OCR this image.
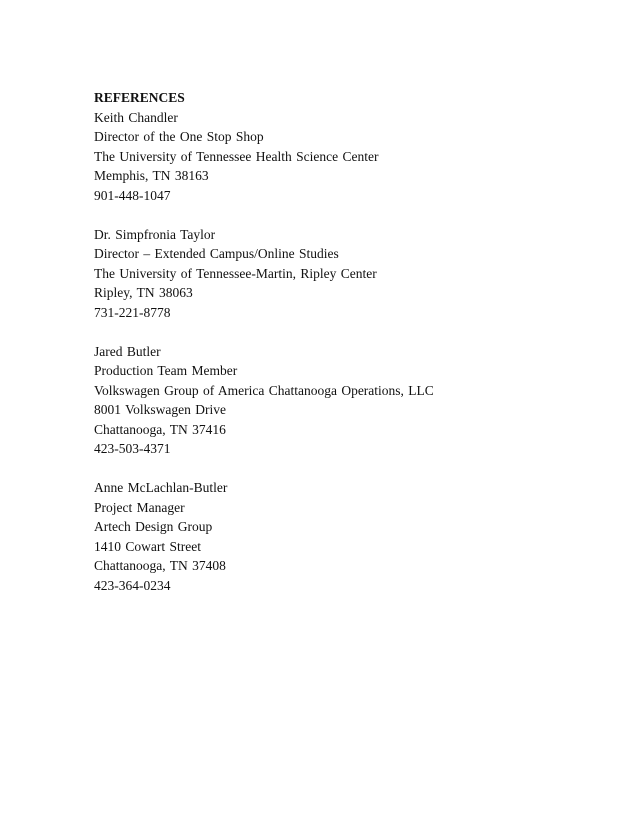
REFERENCES
Keith Chandler
Director of the One Stop Shop
The University of Tennessee Health Science Center
Memphis, TN 38163
901-448-1047
Dr. Simpfronia Taylor
Director – Extended Campus/Online Studies
The University of Tennessee-Martin, Ripley Center
Ripley, TN 38063
731-221-8778
Jared Butler
Production Team Member
Volkswagen Group of America Chattanooga Operations, LLC
8001 Volkswagen Drive
Chattanooga, TN 37416
423-503-4371
Anne McLachlan-Butler
Project Manager
Artech Design Group
1410 Cowart Street
Chattanooga, TN 37408
423-364-0234
